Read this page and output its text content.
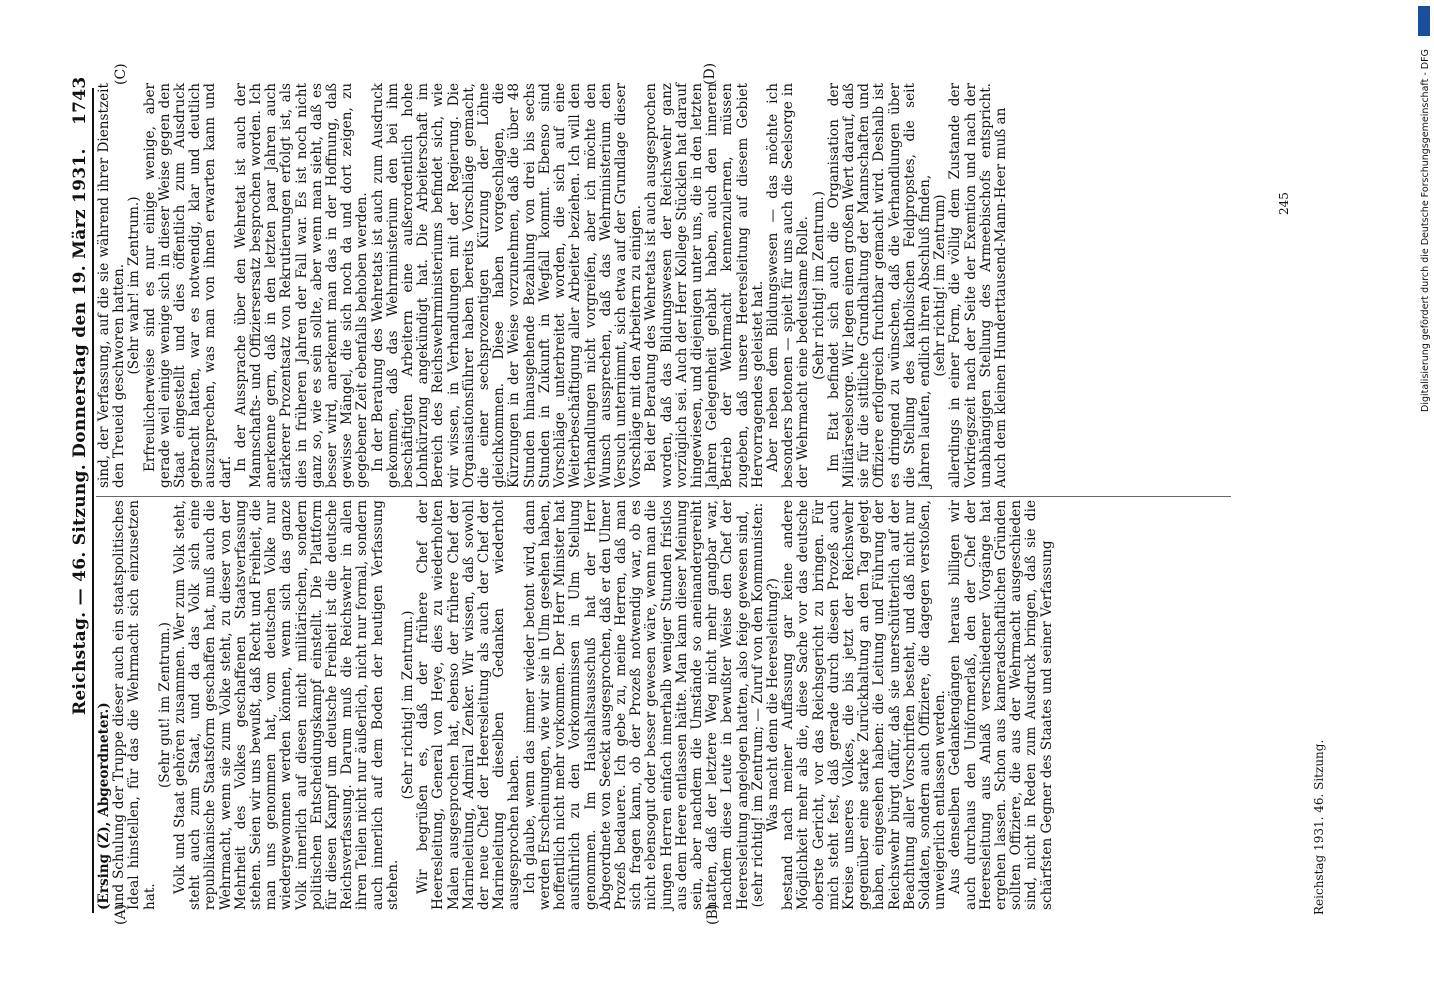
Reichstag. — 46. Sitzung. Donnerstag den 19. März 1931.
1743
(A)	(B)
(C)	(D)

(Ersing (Z), Abgeordneter.) und Schulung der Truppe dieser auch ein staatspolitisches Ideal hinstellen, für das die Wehrmacht sich einzusetzen hat.

(Sehr gut! im Zentrum.) Volk und Staat gehören zusammen. Wer zum Volk steht, steht auch zum Staat, und da das Volk sich eine republikanische Staatsform geschaffen hat, muß auch die Wehrmacht, wenn sie zum Volke steht, zu dieser von der Mehrheit des Volkes geschaffenen Staatsverfassung stehen. Seien wir uns bewußt, daß Recht und Freiheit, die man uns genommen hat, vom deutschen Volke nur wiedergewonnen werden können, wenn sich das ganze Volk innerlich auf diesen nicht militärischen, sondern politischen Entscheidungskampf einstellt. Die Plattform für diesen Kampf um deutsche Freiheit ist die deutsche Reichsverfassung. Darum muß die Reichswehr in allen ihren Teilen nicht nur äußerlich, nicht nur formal, sondern auch innerlich auf dem Boden der heutigen Verfassung stehen.

(Sehr richtig! im Zentrum.) Wir begrüßen es, daß der frühere Chef der Heeresleitung, General von Heye, dies zu wiederholten Malen ausgesprochen hat, ebenso der frühere Chef der Marineleitung, Admiral Zenker. Wir wissen, daß sowohl der neue Chef der Heeresleitung als auch der Chef der Marineleitung dieselben Gedanken wiederholt ausgesprochen haben. Ich glaube, wenn das immer wieder betont wird, dann werden Erscheinungen, wie wir sie in Ulm gesehen haben, hoffentlich nicht mehr vorkommen. Der Herr Minister hat ausführlich zu den Vorkommnissen in Ulm Stellung genommen. Im Haushaltsausschuß hat der Herr Abgeordnete von Seeckt ausgesprochen, daß er den Ulmer Prozeß bedauere. Ich gebe zu, meine Herren, daß man sich fragen kann, ob der Prozeß notwendig war, ob es nicht ebensogut oder besser gewesen wäre, wenn man die jungen Herren einfach innerhalb weniger Stunden fristlos aus dem Heere entlassen hätte. Man kann dieser Meinung sein, aber nachdem die Umstände so aneinandergereiht hatten, daß der letztere Weg nicht mehr gangbar war, nachdem diese Leute in bewußter Weise den Chef der Heeresleitung angelogen hatten, also feige gewesen sind, (sehr richtig! im Zentrum; — Zuruf von den Kommunisten: Was macht denn die Heeresleitung?) bestand nach meiner Auffassung gar keine andere Möglichkeit mehr als die, diese Sache vor das deutsche oberste Gericht, vor das Reichsgericht zu bringen. Für mich steht fest, daß gerade durch diesen Prozeß auch Kreise unseres Volkes, die bis jetzt der Reichswehr gegenüber eine starke Zurückhaltung an den Tag gelegt haben, eingesehen haben: die Leitung und Führung der Reichswehr bürgt dafür, daß sie unerschütterlich auf der Beachtung aller Vorschriften besteht, und daß nicht nur Soldaten, sondern auch Offiziere, die dagegen verstoßen, unweigerlich entlassen werden. Aus denselben Gedankengängen heraus billigen wir auch durchaus den Uniformerlaß, den der Chef der Heeresleitung aus Anlaß verschiedener Vorgänge hat ergehen lassen. Schon aus kameradschaftlichen Gründen sollten Offiziere, die aus der Wehrmacht ausgeschieden sind, nicht in Reden zum Ausdruck bringen, daß sie die schärfsten Gegner des Staates und seiner Verfassung

sind, der Verfassung, auf die sie während ihrer Dienstzeit den Treueid geschworen hatten. (Sehr wahr! im Zentrum.) Erfreulicherweise sind es nur einige wenige, aber gerade weil einige wenige sich in dieser Weise gegen den Staat eingestellt und dies öffentlich zum Ausdruck gebracht hatten, war es notwendig, klar und deutlich auszusprechen, was man von ihnen erwarten kann und darf. In der Aussprache über den Wehretat ist auch der Mannschafts- und Offiziersersatz besprochen worden. Ich anerkenne gern, daß in den letzten paar Jahren auch stärkerer Prozentsatz von Rekrutierungen erfolgt ist, als dies in früheren Jahren der Fall war. Es ist noch nicht ganz so, wie es sein sollte, aber wenn man sieht, daß es besser wird, anerkennt man das in der Hoffnung, daß gewisse Mängel, die sich noch da und dort zeigen, zu gegebener Zeit ebenfalls behoben werden. In der Beratung des Wehretats ist auch zum Ausdruck gekommen, daß das Wehrministerium den bei ihm beschäftigten Arbeitern eine außerordentlich hohe Lohnkürzung angekündigt hat. Die Arbeiterschaft im Bereich des Reichswehrministeriums befindet sich, wie wir wissen, in Verhandlungen mit der Regierung. Die Organisationsführer haben bereits Vorschläge gemacht, die einer sechsprozentigen Kürzung der Löhne gleichkommen. Diese haben vorgeschlagen, die Kürzungen in der Weise vorzunehmen, daß die über 48 Stunden hinausgehende Bezahlung von drei bis sechs Stunden in Zukunft in Wegfall kommt. Ebenso sind Vorschläge unterbreitet worden, die sich auf eine Weiterbeschäftigung aller Arbeiter beziehen. Ich will den Verhandlungen nicht vorgreifen, aber ich möchte den Wunsch aussprechen, daß das Wehrministerium den Versuch unternimmt, sich etwa auf der Grundlage dieser Vorschläge mit den Arbeitern zu einigen. Bei der Beratung des Wehretats ist auch ausgesprochen worden, daß das Bildungswesen der Reichswehr ganz vorzüglich sei. Auch der Herr Kollege Stücklen hat darauf hingewiesen, und diejenigen unter uns, die in den letzten Jahren Gelegenheit gehabt haben, auch den inneren Betrieb der Wehrmacht kennenzulernen, müssen zugeben, daß unsere Heeresleitung auf diesem Gebiet Hervorragendes geleistet hat. Aber neben dem Bildungswesen — das möchte ich besonders betonen — spielt für uns auch die Seelsorge in der Wehrmacht eine bedeutsame Rolle. (Sehr richtig! im Zentrum.) Im Etat befindet sich auch die Organisation der Militärseelsorge. Wir legen einen großen Wert darauf, daß sie für die sittliche Grundhaltung der Mannschaften und Offiziere erfolgreich fruchtbar gemacht wird. Deshalb ist es dringend zu wünschen, daß die Verhandlungen über die Stellung des katholischen Feldpropstes, die seit Jahren laufen, endlich ihren Abschluß finden, (sehr richtig! im Zentrum) allerdings in einer Form, die völlig dem Zustande der Vorkriegszeit nach der Seite der Exemtion und nach der unabhängigen Stellung des Armeebischofs entspricht. Auch dem kleinen Hunderttausend-Mann-Heer muß an

Reichstag 1931. 46. Sitzung.
245	Digitalisierung gefördert durch die Deutsche Forschungsgemeinschaft - DFG
